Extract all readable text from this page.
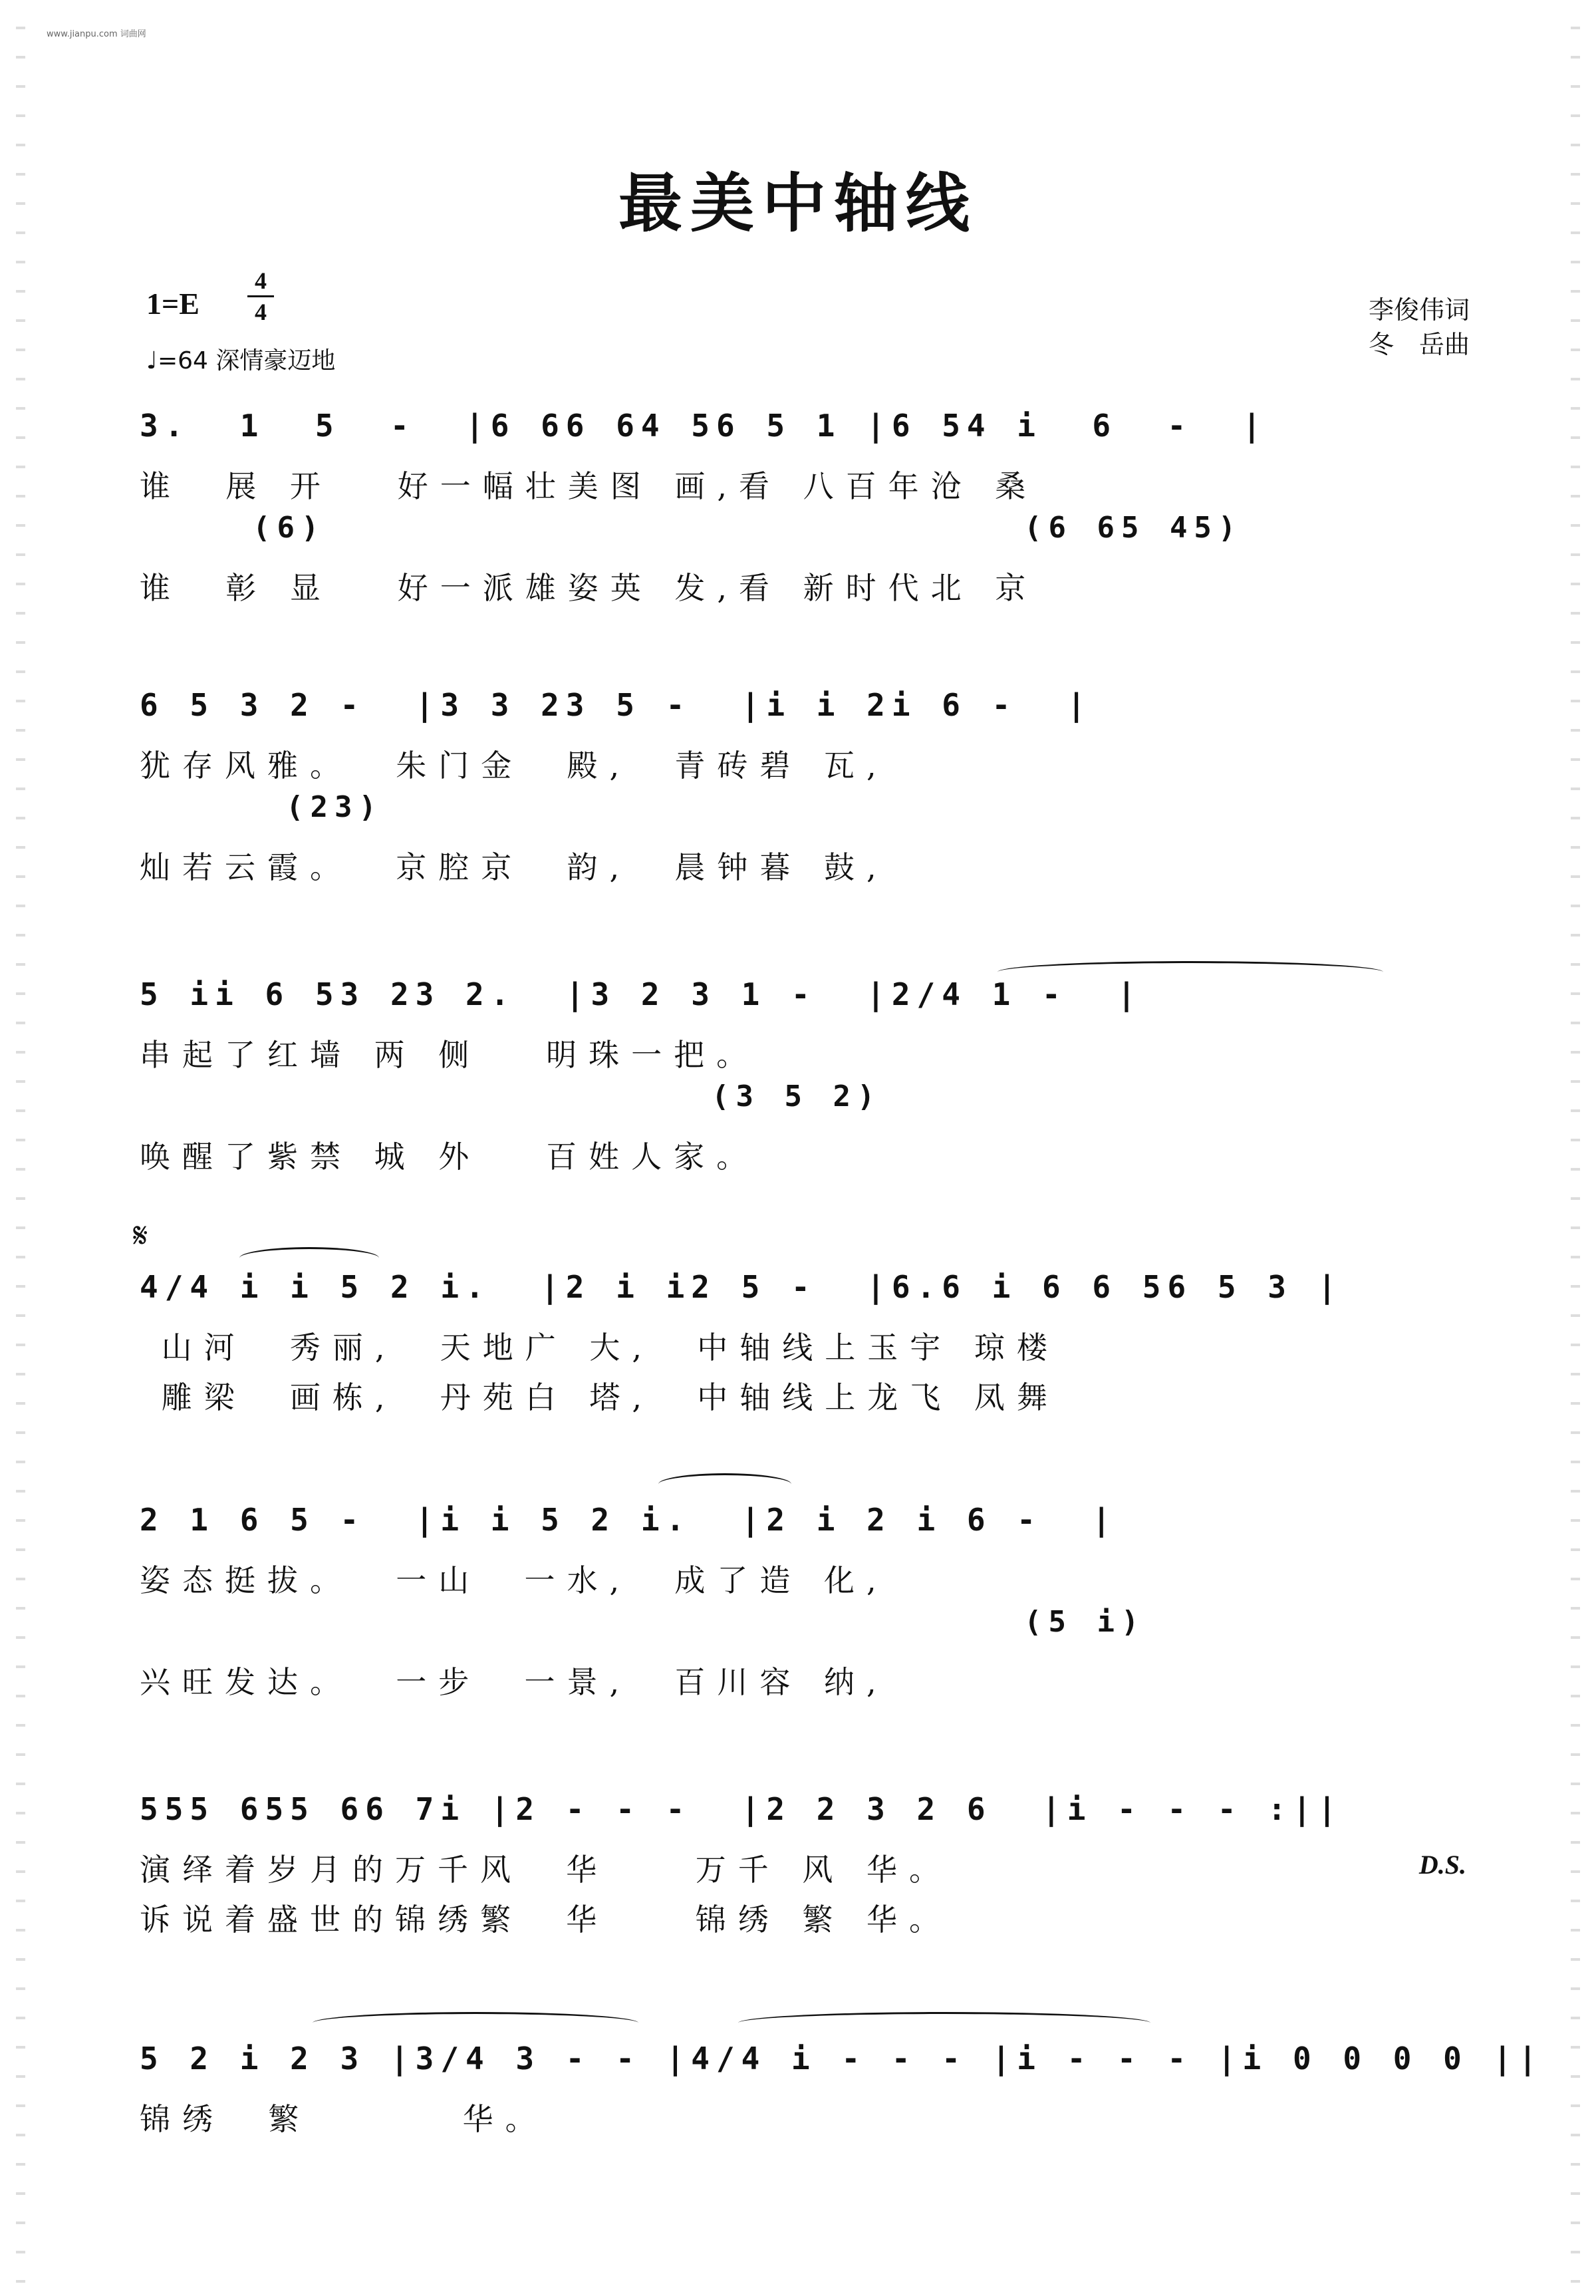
www.jianpu.com 词曲网
最美中轴线
1=E
4
4
♩=64 深情豪迈地
李俊伟词
冬　岳曲
3.  1  5  -  |6 66 64 56 5 1 |6 54 i  6  -  |
谁  展 开   好一幅壮美图 画,看 八百年沧 桑
(6)	(6 65 45)
谁  彰 显   好一派雄姿英 发,看 新时代北 京
6 5 3 2 -  |3 3 23 5 -  |i i 2i 6 -  |
犹存风雅。  朱门金  殿,  青砖碧 瓦,
(23)
灿若云霞。  京腔京  韵,  晨钟暮 鼓,
5 ii 6 53 23 2.  |3 2 3 1 -  |2/4 1 -  |
串起了红墙 两 侧   明珠一把。
(3 5 2)
唤醒了紫禁 城 外   百姓人家。
𝄋
4/4 i i 5 2 i.  |2 i i2 5 -  |6.6 i 6 6 56 5 3 |
山河  秀丽,  天地广 大,  中轴线上玉宇 琼楼
雕梁  画栋,  丹苑白 塔,  中轴线上龙飞 凤舞
2 1 6 5 -  |i i 5 2 i.  |2 i 2 i 6 -  |
姿态挺拔。  一山  一水,  成了造 化,
(5 i)
兴旺发达。  一步  一景,  百川容 纳,
555 655 66 7i |2 - - -  |2 2 3 2 6  |i - - - :||
演绎着岁月的万千风  华    万千 风 华。	D.S.
诉说着盛世的锦绣繁  华    锦绣 繁 华。
5 2 i 2 3 |3/4 3 - - |4/4 i - - - |i - - - |i 0 0 0 0 ||
锦绣  繁       华。
